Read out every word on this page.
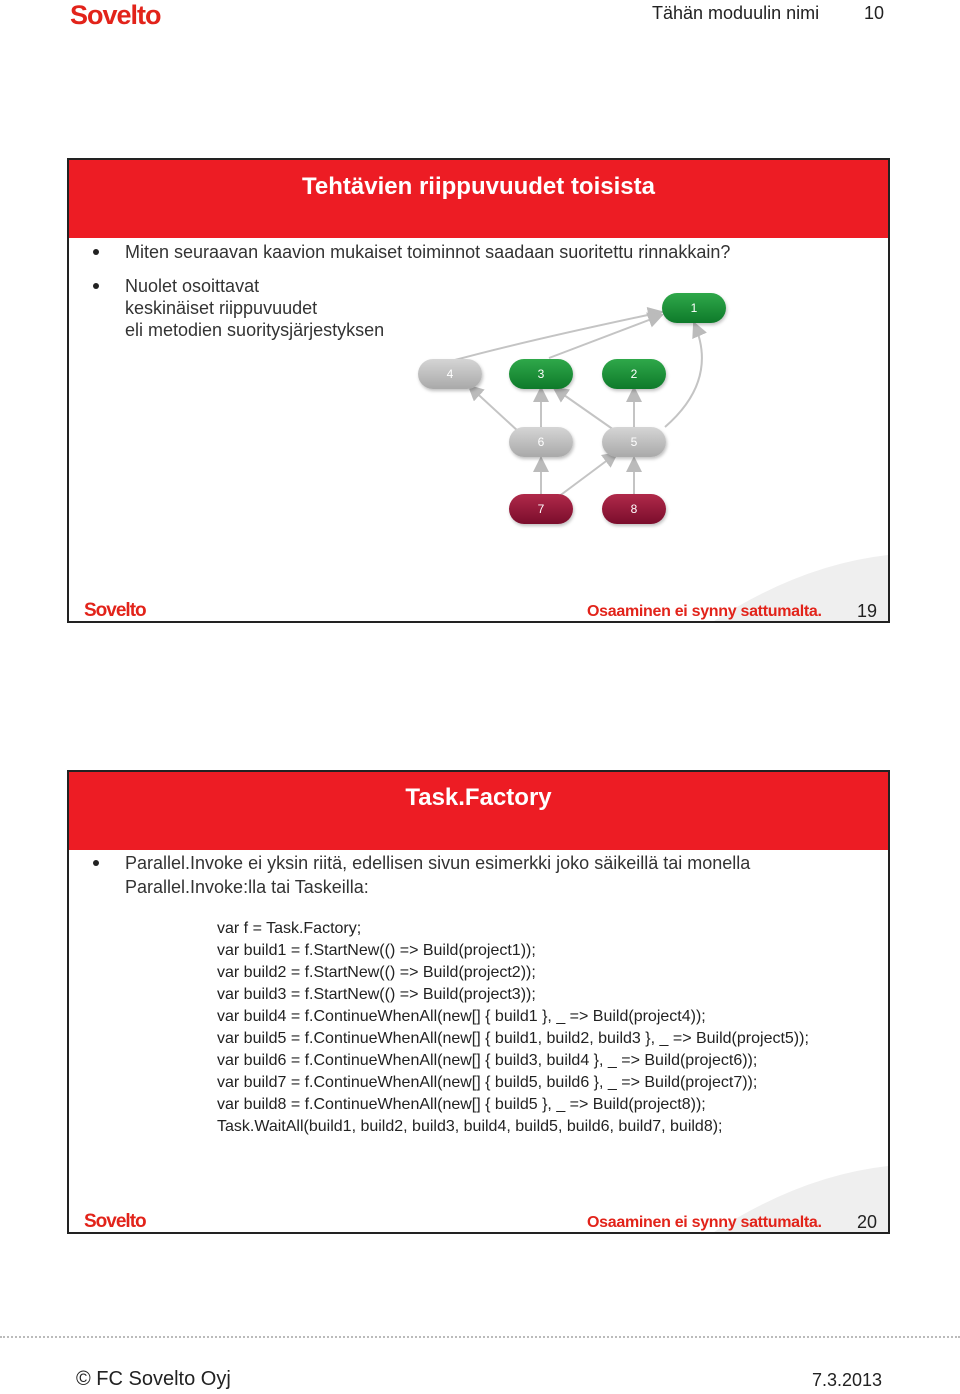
Sovelto	Tähän moduulin nimi 10
Tehtävien riippuvuudet toisista
Miten seuraavan kaavion mukaiset toiminnot saadaan suoritettu rinnakkain?
Nuolet osoittavat
keskinäiset riippuvuudet
eli metodien suoritysjärjestyksen
1
4	3	2
6	5
7	8
Sovelto	Osaaminen ei synny sattumalta. 19
Task.Factory
Parallel.Invoke ei yksin riitä, edellisen sivun esimerkki joko säikeillä tai monella
Parallel.Invoke:lla tai Taskeilla:
var f = Task.Factory;
var build1 = f.StartNew(() => Build(project1));
var build2 = f.StartNew(() => Build(project2));
var build3 = f.StartNew(() => Build(project3));
var build4 = f.ContinueWhenAll(new[] { build1 }, _ => Build(project4));
var build5 = f.ContinueWhenAll(new[] { build1, build2, build3 }, _ => Build(project5));
var build6 = f.ContinueWhenAll(new[] { build3, build4 }, _ => Build(project6));
var build7 = f.ContinueWhenAll(new[] { build5, build6 }, _ => Build(project7));
var build8 = f.ContinueWhenAll(new[] { build5 }, _ => Build(project8));
Task.WaitAll(build1, build2, build3, build4, build5, build6, build7, build8);
Sovelto	Osaaminen ei synny sattumalta. 20
© FC Sovelto Oyj	7.3.2013
